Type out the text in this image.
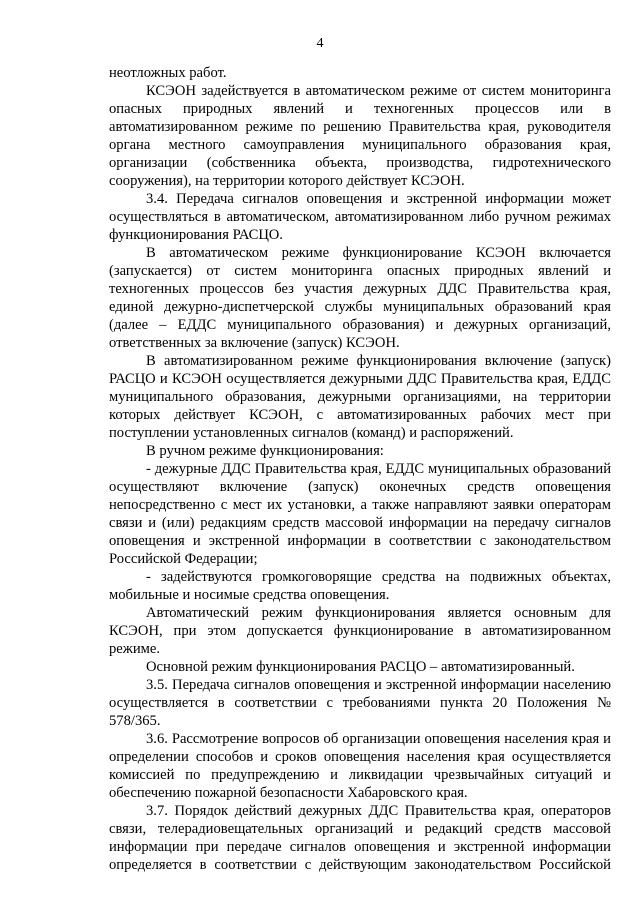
4

неотложных работ.

КСЭОН задействуется в автоматическом режиме от систем мониторинга опасных природных явлений и техногенных процессов или в автоматизированном режиме по решению Правительства края, руководителя органа местного самоуправления муниципального образования края, организации (собственника объекта, производства, гидротехнического сооружения), на территории которого действует КСЭОН.

3.4. Передача сигналов оповещения и экстренной информации может осуществляться в автоматическом, автоматизированном либо ручном режимах функционирования РАСЦО.

В автоматическом режиме функционирование КСЭОН включается (запускается) от систем мониторинга опасных природных явлений и техногенных процессов без участия дежурных ДДС Правительства края, единой дежурно-диспетчерской службы муниципальных образований края (далее – ЕДДС муниципального образования) и дежурных организаций, ответственных за включение (запуск) КСЭОН.

В автоматизированном режиме функционирования включение (запуск) РАСЦО и КСЭОН осуществляется дежурными ДДС Правительства края, ЕДДС муниципального образования, дежурными организациями, на территории которых действует КСЭОН, с автоматизированных рабочих мест при поступлении установленных сигналов (команд) и распоряжений.

В ручном режиме функционирования:

- дежурные ДДС Правительства края, ЕДДС муниципальных образований осуществляют включение (запуск) оконечных средств оповещения непосредственно с мест их установки, а также направляют заявки операторам связи и (или) редакциям средств массовой информации на передачу сигналов оповещения и экстренной информации в соответствии с законодательством Российской Федерации;

- задействуются громкоговорящие средства на подвижных объектах, мобильные и носимые средства оповещения.

Автоматический режим функционирования является основным для КСЭОН, при этом допускается функционирование в автоматизированном режиме.

Основной режим функционирования РАСЦО – автоматизированный.

3.5. Передача сигналов оповещения и экстренной информации населению осуществляется в соответствии с требованиями пункта 20 Положения № 578/365.

3.6. Рассмотрение вопросов об организации оповещения населения края и определении способов и сроков оповещения населения края осуществляется комиссией по предупреждению и ликвидации чрезвычайных ситуаций и обеспечению пожарной безопасности Хабаровского края.

3.7. Порядок действий дежурных ДДС Правительства края, операторов связи, телерадиовещательных организаций и редакций средств массовой информации при передаче сигналов оповещения и экстренной информации определяется в соответствии с действующим законодательством Российской
